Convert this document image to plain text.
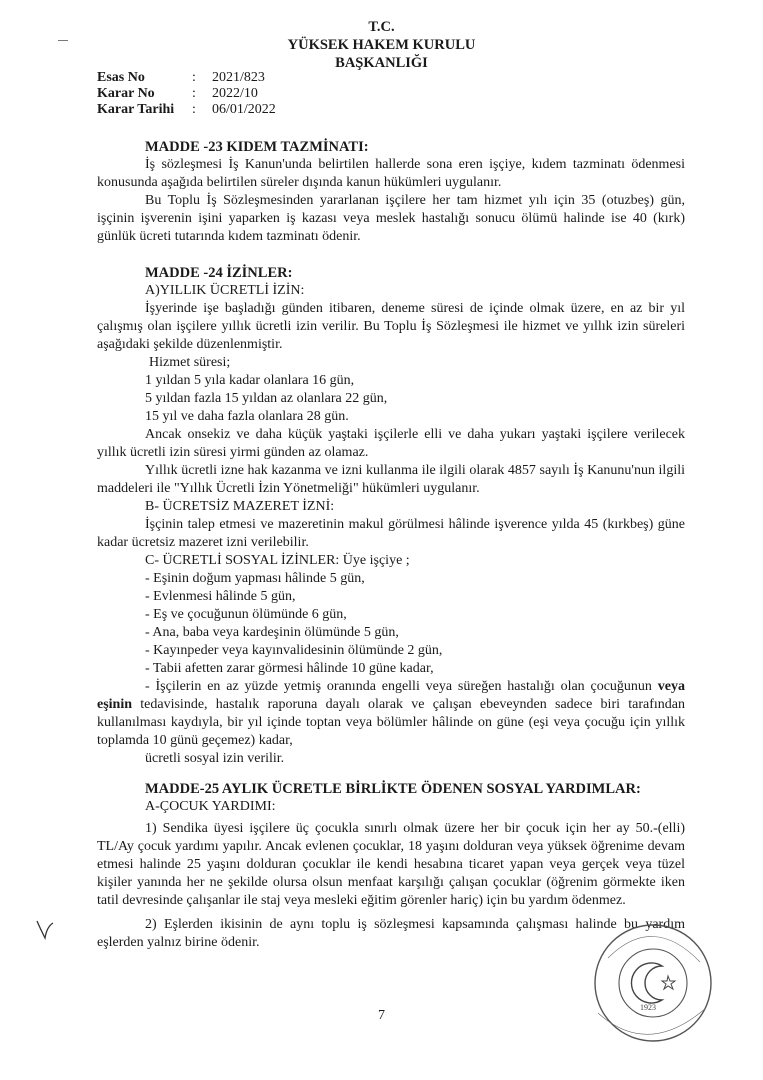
T.C.
YÜKSEK HAKEM KURULU
BAŞKANLIĞI
Esas No	:	2021/823
Karar No	:	2022/10
Karar Tarihi	:	06/01/2022
MADDE -23 KIDEM TAZMİNATI:
İş sözleşmesi İş Kanun'unda belirtilen hallerde sona eren işçiye, kıdem tazminatı ödenmesi konusunda aşağıda belirtilen süreler dışında kanun hükümleri uygulanır.
Bu Toplu İş Sözleşmesinden yararlanan işçilere her tam hizmet yılı için 35 (otuzbeş) gün, işçinin işverenin işini yaparken iş kazası veya meslek hastalığı sonucu ölümü halinde ise 40 (kırk) günlük ücreti tutarında kıdem tazminatı ödenir.
MADDE -24 İZİNLER:
A)YILLIK ÜCRETLİ İZİN:
İşyerinde işe başladığı günden itibaren, deneme süresi de içinde olmak üzere, en az bir yıl çalışmış olan işçilere yıllık ücretli izin verilir. Bu Toplu İş Sözleşmesi ile hizmet ve yıllık izin süreleri aşağıdaki şekilde düzenlenmiştir.
Hizmet süresi;
1 yıldan 5 yıla kadar olanlara 16 gün,
5 yıldan fazla 15 yıldan az olanlara 22 gün,
15 yıl ve daha fazla olanlara 28 gün.
Ancak onsekiz ve daha küçük yaştaki işçilerle elli ve daha yukarı yaştaki işçilere verilecek yıllık ücretli izin süresi yirmi günden az olamaz.
Yıllık ücretli izne hak kazanma ve izni kullanma ile ilgili olarak 4857 sayılı İş Kanunu'nun ilgili maddeleri ile "Yıllık Ücretli İzin Yönetmeliği" hükümleri uygulanır.
B- ÜCRETSİZ MAZERET İZNİ:
İşçinin talep etmesi ve mazeretinin makul görülmesi hâlinde işverence yılda 45 (kırkbeş) güne kadar ücretsiz mazeret izni verilebilir.
C- ÜCRETLİ SOSYAL İZİNLER: Üye işçiye ;
- Eşinin doğum yapması hâlinde 5 gün,
- Evlenmesi hâlinde 5 gün,
- Eş ve çocuğunun ölümünde 6 gün,
- Ana, baba veya kardeşinin ölümünde 5 gün,
- Kayınpeder veya kayınvalidesinin ölümünde 2 gün,
- Tabii afetten zarar görmesi hâlinde 10 güne kadar,
- İşçilerin en az yüzde yetmiş oranında engelli veya süreğen hastalığı olan çocuğunun veya eşinin tedavisinde, hastalık raporuna dayalı olarak ve çalışan ebeveynden sadece biri tarafından kullanılması kaydıyla, bir yıl içinde toptan veya bölümler hâlinde on güne (eşi veya çocuğu için yıllık toplamda 10 günü geçemez) kadar,
ücretli sosyal izin verilir.
MADDE-25 AYLIK ÜCRETLE BİRLİKTE ÖDENEN SOSYAL YARDIMLAR:
A-ÇOCUK YARDIMI:
1) Sendika üyesi işçilere üç çocukla sınırlı olmak üzere her bir çocuk için her ay 50.-(elli) TL/Ay çocuk yardımı yapılır. Ancak evlenen çocuklar, 18 yaşını dolduran veya yüksek öğrenime devam etmesi halinde 25 yaşını dolduran çocuklar ile kendi hesabına ticaret yapan veya gerçek veya tüzel kişiler yanında her ne şekilde olursa olsun menfaat karşılığı çalışan çocuklar (öğrenim görmekte iken tatil devresinde çalışanlar ile staj veya mesleki eğitim görenler hariç) için bu yardım ödenmez.
2) Eşlerden ikisinin de aynı toplu iş sözleşmesi kapsamında çalışması halinde bu yardım eşlerden yalnız birine ödenir.
1923
7
